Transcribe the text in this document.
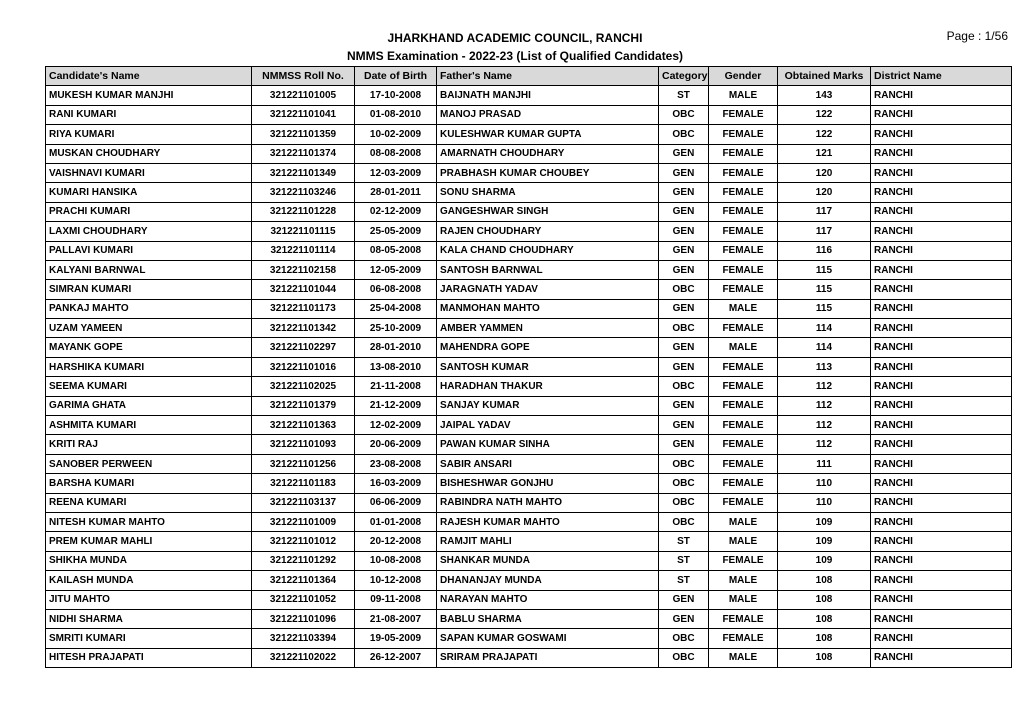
JHARKHAND ACADEMIC COUNCIL, RANCHI
NMMS Examination - 2022-23 (List of Qualified Candidates)
Page : 1/56
Candidate's Name	NMMSS Roll No.	Date of Birth	Father's Name	Category	Gender	Obtained Marks	District Name
MUKESH KUMAR MANJHI	321221101005	17-10-2008	BAIJNATH MANJHI	ST	MALE	143	RANCHI
RANI KUMARI	321221101041	01-08-2010	MANOJ PRASAD	OBC	FEMALE	122	RANCHI
RIYA KUMARI	321221101359	10-02-2009	KULESHWAR KUMAR GUPTA	OBC	FEMALE	122	RANCHI
MUSKAN CHOUDHARY	321221101374	08-08-2008	AMARNATH CHOUDHARY	GEN	FEMALE	121	RANCHI
VAISHNAVI KUMARI	321221101349	12-03-2009	PRABHASH KUMAR CHOUBEY	GEN	FEMALE	120	RANCHI
KUMARI HANSIKA	321221103246	28-01-2011	SONU SHARMA	GEN	FEMALE	120	RANCHI
PRACHI KUMARI	321221101228	02-12-2009	GANGESHWAR SINGH	GEN	FEMALE	117	RANCHI
LAXMI CHOUDHARY	321221101115	25-05-2009	RAJEN CHOUDHARY	GEN	FEMALE	117	RANCHI
PALLAVI KUMARI	321221101114	08-05-2008	KALA CHAND CHOUDHARY	GEN	FEMALE	116	RANCHI
KALYANI BARNWAL	321221102158	12-05-2009	SANTOSH BARNWAL	GEN	FEMALE	115	RANCHI
SIMRAN KUMARI	321221101044	06-08-2008	JARAGNATH YADAV	OBC	FEMALE	115	RANCHI
PANKAJ MAHTO	321221101173	25-04-2008	MANMOHAN MAHTO	GEN	MALE	115	RANCHI
UZAM YAMEEN	321221101342	25-10-2009	AMBER YAMMEN	OBC	FEMALE	114	RANCHI
MAYANK GOPE	321221102297	28-01-2010	MAHENDRA GOPE	GEN	MALE	114	RANCHI
HARSHIKA KUMARI	321221101016	13-08-2010	SANTOSH KUMAR	GEN	FEMALE	113	RANCHI
SEEMA KUMARI	321221102025	21-11-2008	HARADHAN THAKUR	OBC	FEMALE	112	RANCHI
GARIMA GHATA	321221101379	21-12-2009	SANJAY KUMAR	GEN	FEMALE	112	RANCHI
ASHMITA KUMARI	321221101363	12-02-2009	JAIPAL YADAV	GEN	FEMALE	112	RANCHI
KRITI RAJ	321221101093	20-06-2009	PAWAN KUMAR SINHA	GEN	FEMALE	112	RANCHI
SANOBER PERWEEN	321221101256	23-08-2008	SABIR ANSARI	OBC	FEMALE	111	RANCHI
BARSHA KUMARI	321221101183	16-03-2009	BISHESHWAR GONJHU	OBC	FEMALE	110	RANCHI
REENA KUMARI	321221103137	06-06-2009	RABINDRA NATH MAHTO	OBC	FEMALE	110	RANCHI
NITESH KUMAR MAHTO	321221101009	01-01-2008	RAJESH KUMAR MAHTO	OBC	MALE	109	RANCHI
PREM KUMAR MAHLI	321221101012	20-12-2008	RAMJIT MAHLI	ST	MALE	109	RANCHI
SHIKHA MUNDA	321221101292	10-08-2008	SHANKAR MUNDA	ST	FEMALE	109	RANCHI
KAILASH MUNDA	321221101364	10-12-2008	DHANANJAY MUNDA	ST	MALE	108	RANCHI
JITU MAHTO	321221101052	09-11-2008	NARAYAN MAHTO	GEN	MALE	108	RANCHI
NIDHI SHARMA	321221101096	21-08-2007	BABLU SHARMA	GEN	FEMALE	108	RANCHI
SMRITI KUMARI	321221103394	19-05-2009	SAPAN KUMAR GOSWAMI	OBC	FEMALE	108	RANCHI
HITESH PRAJAPATI	321221102022	26-12-2007	SRIRAM PRAJAPATI	OBC	MALE	108	RANCHI
